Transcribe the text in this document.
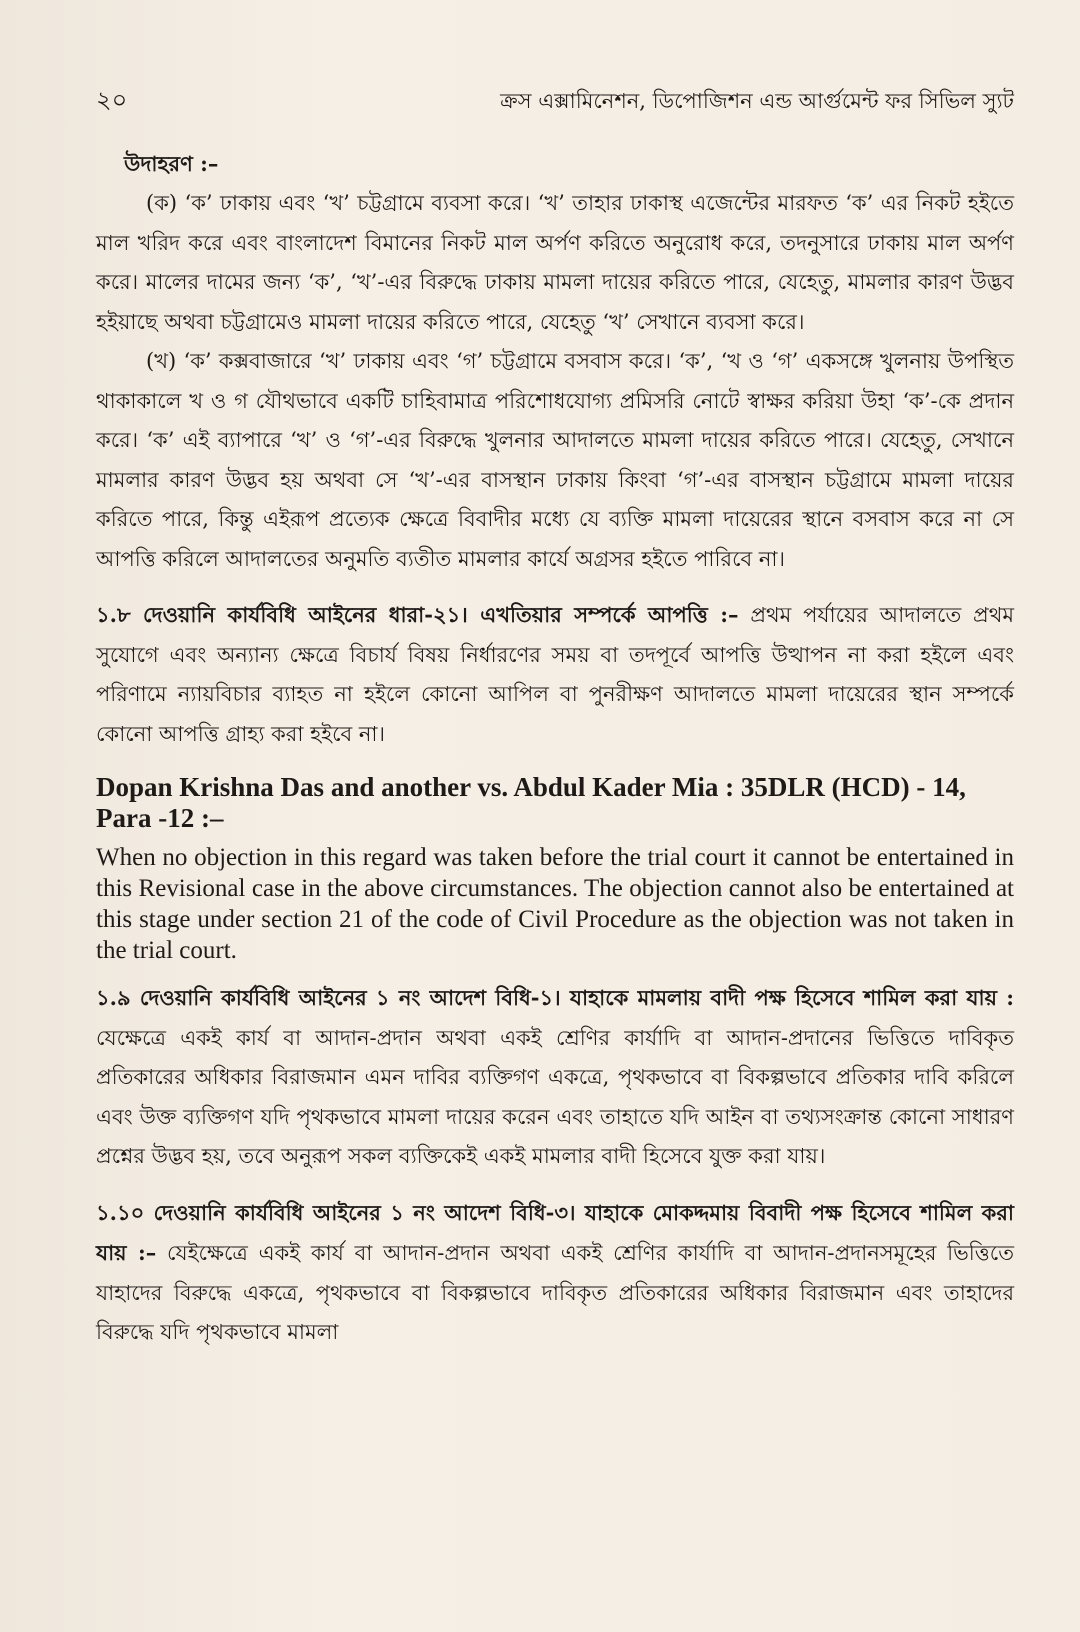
২০	ক্রস এক্সামিনেশন, ডিপোজিশন এন্ড আর্গুমেন্ট ফর সিভিল স্যুট

উদাহরণ :–

(ক) ‘ক’ ঢাকায় এবং ‘খ’ চট্টগ্রামে ব্যবসা করে। ‘খ’ তাহার ঢাকাস্থ এজেন্টের মারফত ‘ক’ এর নিকট হইতে মাল খরিদ করে এবং বাংলাদেশ বিমানের নিকট মাল অর্পণ করিতে অনুরোধ করে, তদনুসারে ঢাকায় মাল অর্পণ করে। মালের দামের জন্য ‘ক’, ‘খ’-এর বিরুদ্ধে ঢাকায় মামলা দায়ের করিতে পারে, যেহেতু, মামলার কারণ উদ্ভব হইয়াছে অথবা চট্টগ্রামেও মামলা দায়ের করিতে পারে, যেহেতু ‘খ’ সেখানে ব্যবসা করে।

(খ) ‘ক’ কক্সবাজারে ‘খ’ ঢাকায় এবং ‘গ’ চট্টগ্রামে বসবাস করে। ‘ক’, ‘খ ও ‘গ’ একসঙ্গে খুলনায় উপস্থিত থাকাকালে খ ও গ যৌথভাবে একটি চাহিবামাত্র পরিশোধযোগ্য প্রমিসরি নোটে স্বাক্ষর করিয়া উহা ‘ক’-কে প্রদান করে। ‘ক’ এই ব্যাপারে ‘খ’ ও ‘গ’-এর বিরুদ্ধে খুলনার আদালতে মামলা দায়ের করিতে পারে। যেহেতু, সেখানে মামলার কারণ উদ্ভব হয় অথবা সে ‘খ’-এর বাসস্থান ঢাকায় কিংবা ‘গ’-এর বাসস্থান চট্টগ্রামে মামলা দায়ের করিতে পারে, কিন্তু এইরূপ প্রত্যেক ক্ষেত্রে বিবাদীর মধ্যে যে ব্যক্তি মামলা দায়েরের স্থানে বসবাস করে না সে আপত্তি করিলে আদালতের অনুমতি ব্যতীত মামলার কার্যে অগ্রসর হইতে পারিবে না।

১.৮ দেওয়ানি কার্যবিধি আইনের ধারা-২১। এখতিয়ার সম্পর্কে আপত্তি :– প্রথম পর্যায়ের আদালতে প্রথম সুযোগে এবং অন্যান্য ক্ষেত্রে বিচার্য বিষয় নির্ধারণের সময় বা তদপূর্বে আপত্তি উত্থাপন না করা হইলে এবং পরিণামে ন্যায়বিচার ব্যাহত না হইলে কোনো আপিল বা পুনরীক্ষণ আদালতে মামলা দায়েরের স্থান সম্পর্কে কোনো আপত্তি গ্রাহ্য করা হইবে না।

Dopan Krishna Das and another vs. Abdul Kader Mia : 35DLR (HCD) - 14, Para -12 :–

When no objection in this regard was taken before the trial court it cannot be entertained in this Revisional case in the above circumstances. The objection cannot also be entertained at this stage under section 21 of the code of Civil Procedure as the objection was not taken in the trial court.

১.৯ দেওয়ানি কার্যবিধি আইনের ১ নং আদেশ বিধি-১। যাহাকে মামলায় বাদী পক্ষ হিসেবে শামিল করা যায় : যেক্ষেত্রে একই কার্য বা আদান-প্রদান অথবা একই শ্রেণির কার্যাদি বা আদান-প্রদানের ভিত্তিতে দাবিকৃত প্রতিকারের অধিকার বিরাজমান এমন দাবির ব্যক্তিগণ একত্রে, পৃথকভাবে বা বিকল্পভাবে প্রতিকার দাবি করিলে এবং উক্ত ব্যক্তিগণ যদি পৃথকভাবে মামলা দায়ের করেন এবং তাহাতে যদি আইন বা তথ্যসংক্রান্ত কোনো সাধারণ প্রশ্নের উদ্ভব হয়, তবে অনুরূপ সকল ব্যক্তিকেই একই মামলার বাদী হিসেবে যুক্ত করা যায়।

১.১০ দেওয়ানি কার্যবিধি আইনের ১ নং আদেশ বিধি-৩। যাহাকে মোকদ্দমায় বিবাদী পক্ষ হিসেবে শামিল করা যায় :– যেইক্ষেত্রে একই কার্য বা আদান-প্রদান অথবা একই শ্রেণির কার্যাদি বা আদান-প্রদানসমূহের ভিত্তিতে যাহাদের বিরুদ্ধে একত্রে, পৃথকভাবে বা বিকল্পভাবে দাবিকৃত প্রতিকারের অধিকার বিরাজমান এবং তাহাদের বিরুদ্ধে যদি পৃথকভাবে মামলা
